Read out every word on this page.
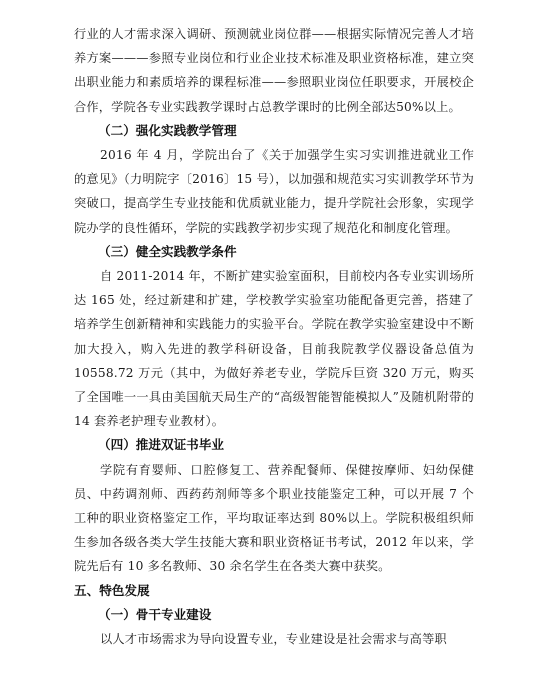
行业的人才需求深入调研、预测就业岗位群——根据实际情况完善人才培养方案———参照专业岗位和行业企业技术标准及职业资格标准，建立突出职业能力和素质培养的课程标准——参照职业岗位任职要求，开展校企合作，学院各专业实践教学课时占总教学课时的比例全部达50%以上。

（二）强化实践教学管理

2016 年 4 月，学院出台了《关于加强学生实习实训推进就业工作的意见》（力明院字〔2016〕15 号），以加强和规范实习实训教学环节为突破口，提高学生专业技能和优质就业能力，提升学院社会形象，实现学院办学的良性循环，学院的实践教学初步实现了规范化和制度化管理。

（三）健全实践教学条件

自 2011-2014 年，不断扩建实验室面积，目前校内各专业实训场所达 165 处，经过新建和扩建，学校教学实验室功能配备更完善，搭建了培养学生创新精神和实践能力的实验平台。学院在教学实验室建设中不断加大投入，购入先进的教学科研设备，目前我院教学仪器设备总值为 10558.72 万元（其中，为做好养老专业，学院斥巨资 320 万元，购买了全国唯一一具由美国航天局生产的“高级智能智能模拟人”及随机附带的 14 套养老护理专业教材）。

（四）推进双证书毕业

学院有育婴师、口腔修复工、营养配餐师、保健按摩师、妇幼保健员、中药调剂师、西药药剂师等多个职业技能鉴定工种，可以开展 7 个工种的职业资格鉴定工作，平均取证率达到 80%以上。学院积极组织师生参加各级各类大学生技能大赛和职业资格证书考试，2012 年以来，学院先后有 10 多名教师、30 余名学生在各类大赛中获奖。

五、特色发展

（一）骨干专业建设

以人才市场需求为导向设置专业，专业建设是社会需求与高等职
